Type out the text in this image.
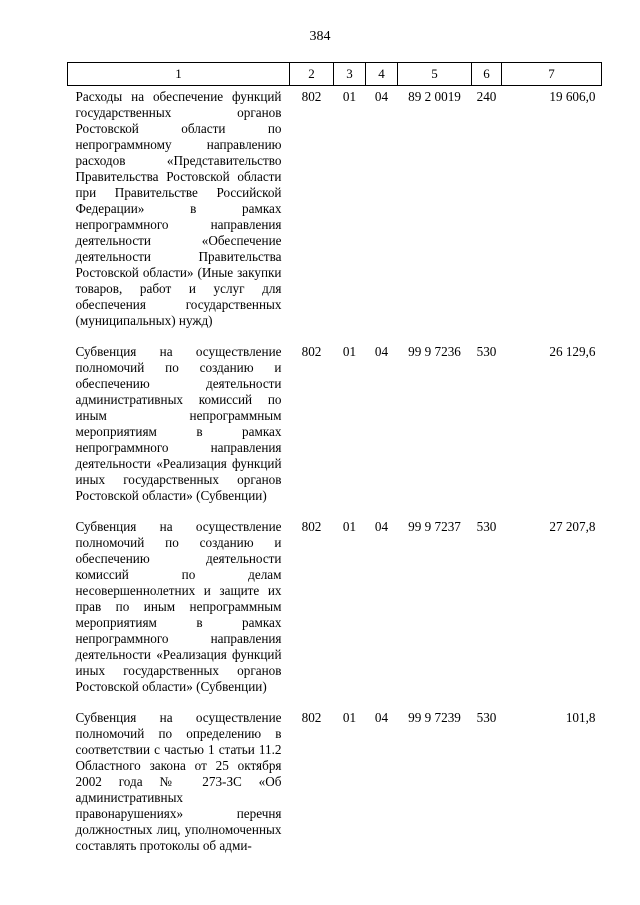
384
1	2	3	4	5	6	7
Расходы на обеспечение функций государственных органов Ростовской области по непрограммному направлению расходов «Представительство Правительства Ростовской области при Правительстве Российской Федерации» в рамках непрограммного направления деятельности «Обеспечение деятельности Правительства Ростовской области» (Иные закупки товаров, работ и услуг для обеспечения государственных (муниципальных) нужд)	802	01	04	89 2 0019	240	19 606,0
Субвенция на осуществление полномочий по созданию и обеспечению деятельности административных комиссий по иным непрограммным мероприятиям в рамках непрограммного направления деятельности «Реализация функций иных государственных органов Ростовской области» (Субвенции)	802	01	04	99 9 7236	530	26 129,6
Субвенция на осуществление полномочий по созданию и обеспечению деятельности комиссий по делам несовершеннолетних и защите их прав по иным непрограммным мероприятиям в рамках непрограммного направления деятельности «Реализация функций иных государственных органов Ростовской области» (Субвенции)	802	01	04	99 9 7237	530	27 207,8
Субвенция на осуществление полномочий по определению в соответствии с частью 1 статьи 11.2 Областного закона от 25 октября 2002 года № 273-ЗС «Об административных правонарушениях» перечня должностных лиц, уполномоченных составлять протоколы об адми-	802	01	04	99 9 7239	530	101,8
